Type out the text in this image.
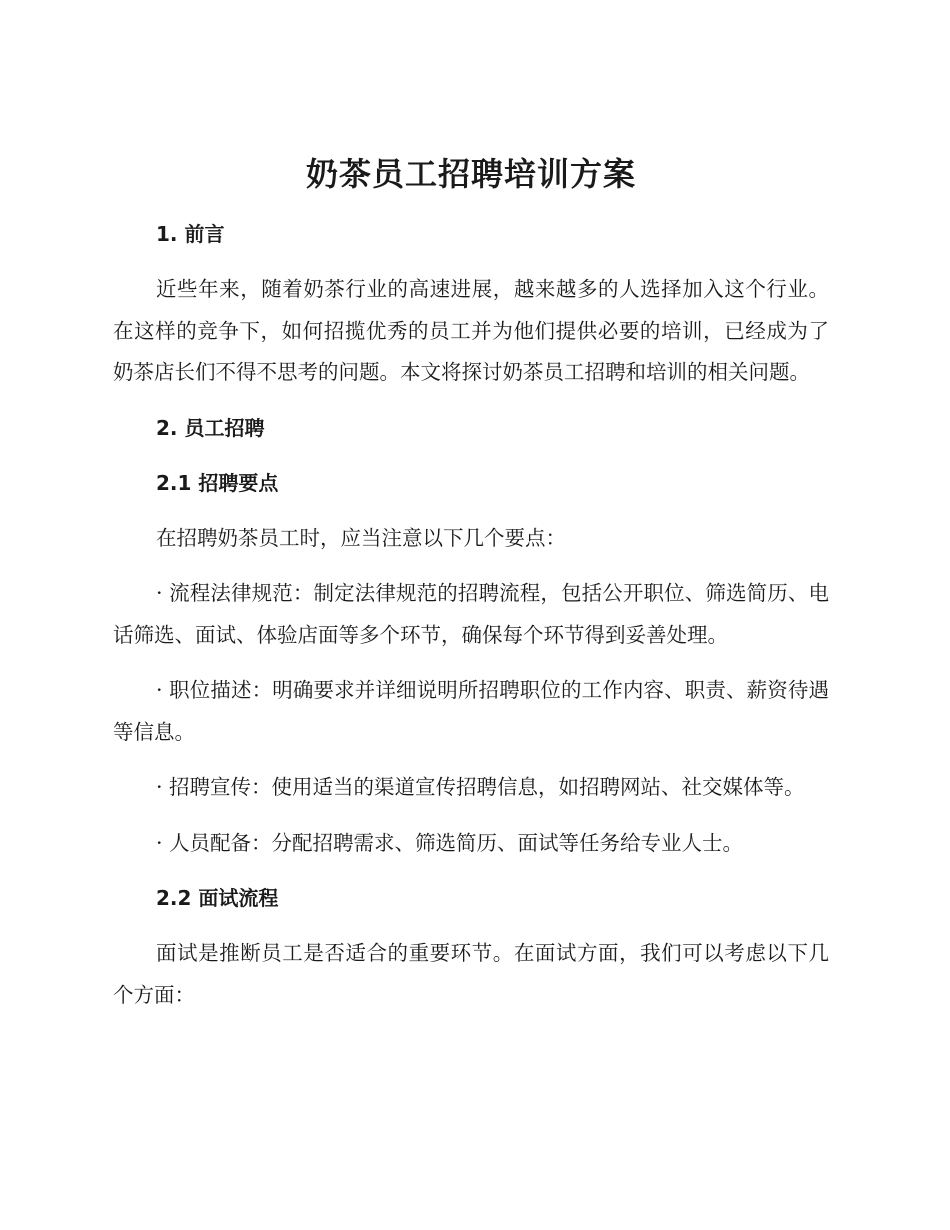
奶茶员工招聘培训方案
1. 前言

近些年来，随着奶茶行业的高速进展，越来越多的人选择加入这个行业。在这样的竞争下，如何招揽优秀的员工并为他们提供必要的培训，已经成为了奶茶店长们不得不思考的问题。本文将探讨奶茶员工招聘和培训的相关问题。

2. 员工招聘
2.1 招聘要点

在招聘奶茶员工时，应当注意以下几个要点：

· 流程法律规范：制定法律规范的招聘流程，包括公开职位、筛选简历、电话筛选、面试、体验店面等多个环节，确保每个环节得到妥善处理。

· 职位描述：明确要求并详细说明所招聘职位的工作内容、职责、薪资待遇等信息。

· 招聘宣传：使用适当的渠道宣传招聘信息，如招聘网站、社交媒体等。

· 人员配备：分配招聘需求、筛选简历、面试等任务给专业人士。

2.2 面试流程

面试是推断员工是否适合的重要环节。在面试方面，我们可以考虑以下几个方面：
